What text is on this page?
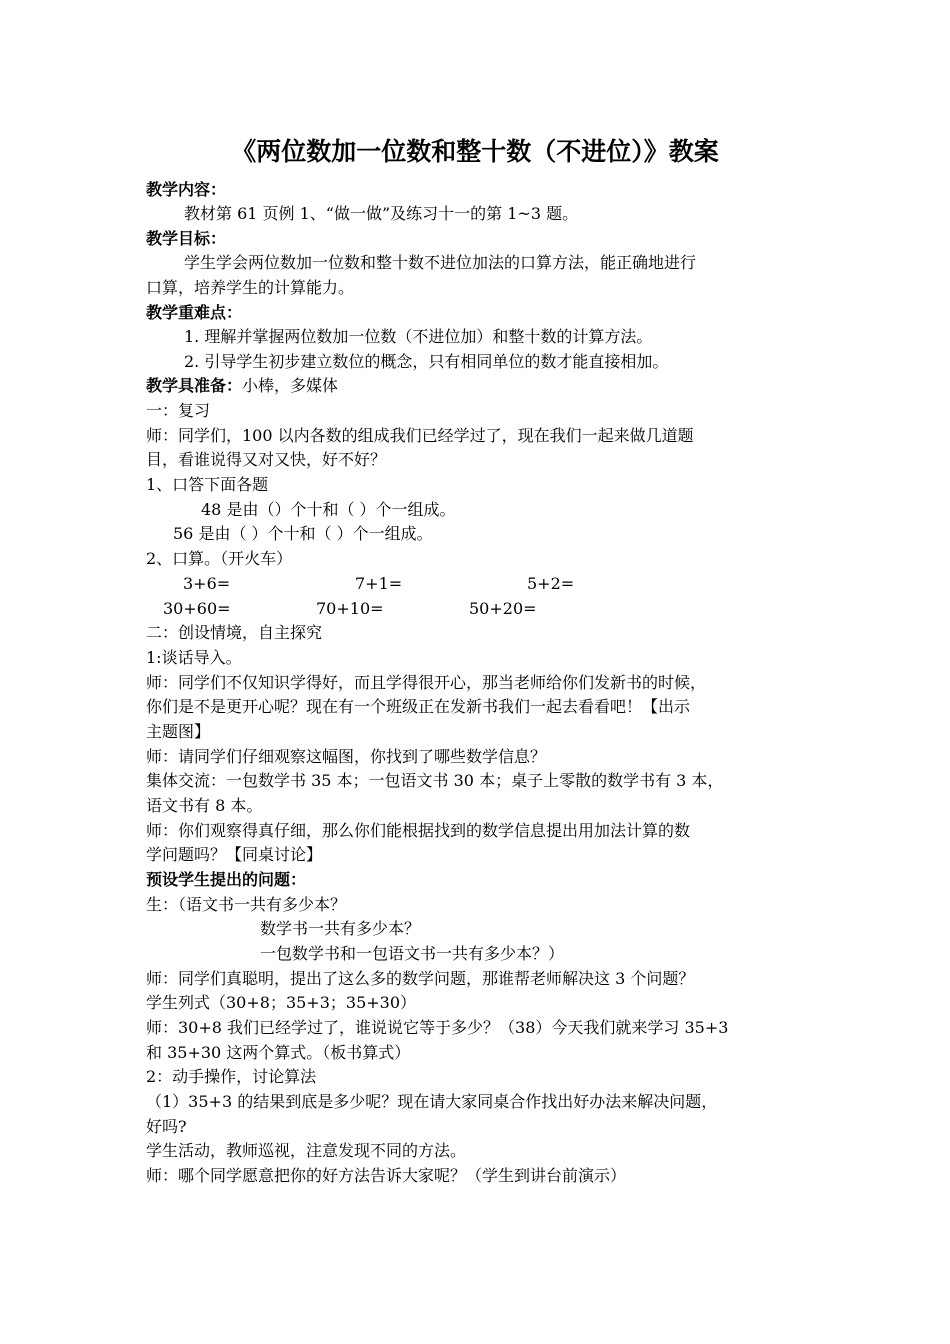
《两位数加一位数和整十数（不进位）》教案
教学内容：
教材第 61 页例 1、“做一做”及练习十一的第 1~3 题。
教学目标：
学生学会两位数加一位数和整十数不进位加法的口算方法，能正确地进行
口算，培养学生的计算能力。
教学重难点：
1. 理解并掌握两位数加一位数（不进位加）和整十数的计算方法。
2. 引导学生初步建立数位的概念，只有相同单位的数才能直接相加。
教学具准备：小棒，多媒体
一：复习
师：同学们，100 以内各数的组成我们已经学过了，现在我们一起来做几道题
目，看谁说得又对又快，好不好？
1、口答下面各题
48 是由（）个十和（ ）个一组成。
56 是由（ ）个十和（ ）个一组成。
2、口算。（开火车）
3+6=	7+1=	5+2=
30+60=	70+10=	50+20=
二：创设情境，自主探究
1:谈话导入。
师：同学们不仅知识学得好，而且学得很开心，那当老师给你们发新书的时候，
你们是不是更开心呢？现在有一个班级正在发新书我们一起去看看吧！【出示
主题图】
师：请同学们仔细观察这幅图，你找到了哪些数学信息？
集体交流：一包数学书 35 本；一包语文书 30 本；桌子上零散的数学书有 3 本，
语文书有 8 本。
师：你们观察得真仔细，那么你们能根据找到的数学信息提出用加法计算的数
学问题吗？【同桌讨论】
预设学生提出的问题：
生：（语文书一共有多少本？
数学书一共有多少本？
一包数学书和一包语文书一共有多少本？）
师：同学们真聪明，提出了这么多的数学问题，那谁帮老师解决这 3 个问题？
学生列式（30+8；35+3；35+30）
师：30+8 我们已经学过了，谁说说它等于多少？（38）今天我们就来学习 35+3
和 35+30 这两个算式。（板书算式）
2：动手操作，讨论算法
（1）35+3 的结果到底是多少呢？现在请大家同桌合作找出好办法来解决问题，
好吗?
学生活动，教师巡视，注意发现不同的方法。
师：哪个同学愿意把你的好方法告诉大家呢？（学生到讲台前演示）
